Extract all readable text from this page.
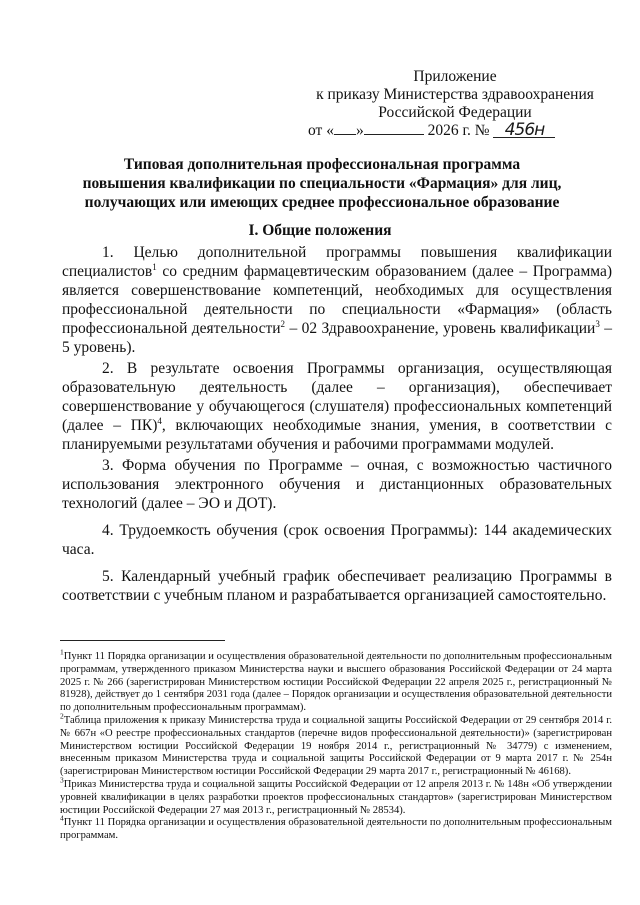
Приложение
к приказу Министерства здравоохранения
Российской Федерации
от « »	2026 г. № 456н
Типовая дополнительная профессиональная программа
повышения квалификации по специальности «Фармация» для лиц,
получающих или имеющих среднее профессиональное образование
I. Общие положения

1. Целью дополнительной программы повышения квалификации специалистов$^1$ со средним фармацевтическим образованием (далее – Программа) является совершенствование компетенций, необходимых для осуществления профессиональной деятельности по специальности «Фармация» (область профессиональной деятельности$^2$ – 02 Здравоохранение, уровень квалификации$^3$ – 5 уровень).

2. В результате освоения Программы организация, осуществляющая образовательную деятельность (далее – организация), обеспечивает совершенствование у обучающегося (слушателя) профессиональных компетенций (далее – ПК)$^4$, включающих необходимые знания, умения, в соответствии с планируемыми результатами обучения и рабочими программами модулей.

3. Форма обучения по Программе – очная, с возможностью частичного использования электронного обучения и дистанционных образовательных технологий (далее – ЭО и ДОТ).

4. Трудоемкость обучения (срок освоения Программы): 144 академических часа.

5. Календарный учебный график обеспечивает реализацию Программы в соответствии с учебным планом и разрабатывается организацией самостоятельно.

$^1$Пункт 11 Порядка организации и осуществления образовательной деятельности по дополнительным профессиональным программам, утвержденного приказом Министерства науки и высшего образования Российской Федерации от 24 марта 2025 г. № 266 (зарегистрирован Министерством юстиции Российской Федерации 22 апреля 2025 г., регистрационный № 81928), действует до 1 сентября 2031 года (далее – Порядок организации и осуществления образовательной деятельности по дополнительным профессиональным программам).

$^2$Таблица приложения к приказу Министерства труда и социальной защиты Российской Федерации от 29 сентября 2014 г. № 667н «О реестре профессиональных стандартов (перечне видов профессиональной деятельности)» (зарегистрирован Министерством юстиции Российской Федерации 19 ноября 2014 г., регистрационный № 34779) с изменением, внесенным приказом Министерства труда и социальной защиты Российской Федерации от 9 марта 2017 г. № 254н (зарегистрирован Министерством юстиции Российской Федерации 29 марта 2017 г., регистрационный № 46168).

$^3$Приказ Министерства труда и социальной защиты Российской Федерации от 12 апреля 2013 г. № 148н «Об утверждении уровней квалификации в целях разработки проектов профессиональных стандартов» (зарегистрирован Министерством юстиции Российской Федерации 27 мая 2013 г., регистрационный № 28534).

$^4$Пункт 11 Порядка организации и осуществления образовательной деятельности по дополнительным профессиональным программам.
